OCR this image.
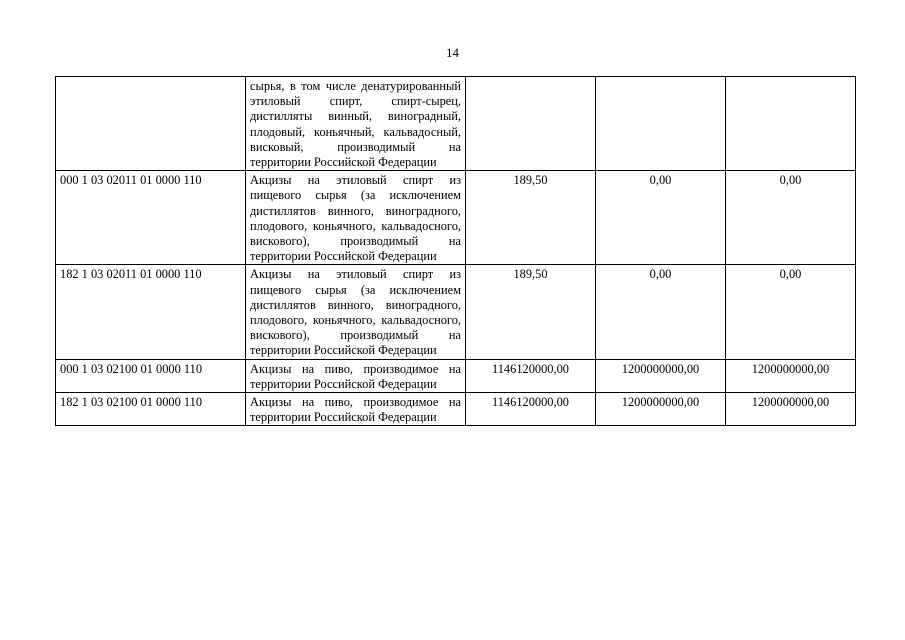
14

	сырья, в том числе денатурированный этиловый спирт, спирт-сырец, дистилляты винный, виноградный, плодовый, коньячный, кальвадосный, висковый, производимый на территории Российской Федерации			

000 1 03 02011 01 0000 110	Акцизы на этиловый спирт из пищевого сырья (за исключением дистиллятов винного, виноградного, плодового, коньячного, кальвадосного, вискового), производимый на территории Российской Федерации	189,50	0,00	0,00
182 1 03 02011 01 0000 110	Акцизы на этиловый спирт из пищевого сырья (за исключением дистиллятов винного, виноградного, плодового, коньячного, кальвадосного, вискового), производимый на территории Российской Федерации	189,50	0,00	0,00
000 1 03 02100 01 0000 110	Акцизы на пиво, производимое на территории Российской Федерации	1146120000,00	1200000000,00	1200000000,00
182 1 03 02100 01 0000 110	Акцизы на пиво, производимое на территории Российской Федерации	1146120000,00	1200000000,00	1200000000,00
